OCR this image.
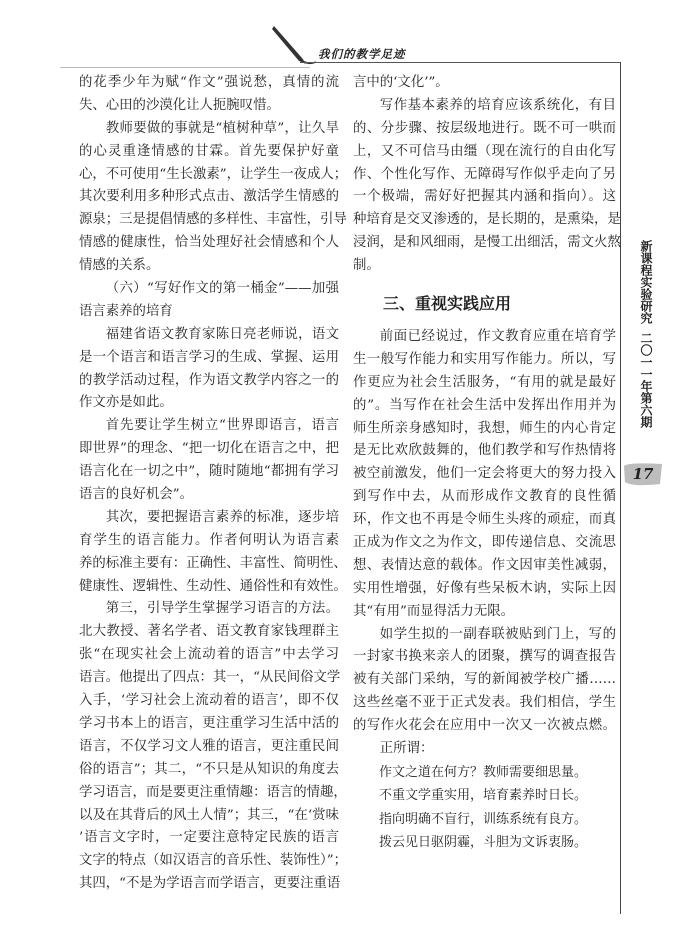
我们的教学足迹
新课程实验研究
二〇一一年第六期
17
的花季少年为赋“作文”强说愁，真情的流
失、心田的沙漠化让人扼腕叹惜。
教师要做的事就是“植树种草”，让久旱
的心灵重逢情感的甘霖。首先要保护好童
心，不可使用“生长激素”，让学生一夜成人；
其次要利用多种形式点击、激活学生情感的
源泉；三是提倡情感的多样性、丰富性，引导
情感的健康性，恰当处理好社会情感和个人
情感的关系。
（六）“写好作文的第一桶金”——加强
语言素养的培育
福建省语文教育家陈日亮老师说，语文
是一个语言和语言学习的生成、掌握、运用
的教学活动过程，作为语文教学内容之一的
作文亦是如此。
首先要让学生树立“世界即语言，语言
即世界”的理念、“把一切化在语言之中，把
语言化在一切之中”，随时随地“都拥有学习
语言的良好机会”。
其次，要把握语言素养的标准，逐步培
育学生的语言能力。作者何明认为语言素
养的标准主要有：正确性、丰富性、简明性、
健康性、逻辑性、生动性、通俗性和有效性。
第三，引导学生掌握学习语言的方法。
北大教授、著名学者、语文教育家钱理群主
张“在现实社会上流动着的语言”中去学习
语言。他提出了四点：其一，“从民间俗文学
入手，‘学习社会上流动着的语言’，即不仅
学习书本上的语言，更注重学习生活中活的
语言，不仅学习文人雅的语言，更注重民间
俗的语言”；其二，“不只是从知识的角度去
学习语言，而是要更注重情趣：语言的情趣，
以及在其背后的风土人情”；其三，“在‘赏味
’语言文字时，一定要注意特定民族的语言
文字的特点（如汉语言的音乐性、装饰性）”；
其四，“不是为学语言而学语言，更要注重语
言中的‘文化’”。
写作基本素养的培育应该系统化，有目
的、分步骤、按层级地进行。既不可一哄而
上，又不可信马由缰（现在流行的自由化写
作、个性化写作、无障碍写作似乎走向了另
一个极端，需好好把握其内涵和指向）。这
种培育是交叉渗透的，是长期的，是熏染，是
浸润，是和风细雨，是慢工出细活，需文火熬
制。
三、重视实践应用
前面已经说过，作文教育应重在培育学
生一般写作能力和实用写作能力。所以，写
作更应为社会生活服务，“有用的就是最好
的”。当写作在社会生活中发挥出作用并为
师生所亲身感知时，我想，师生的内心肯定
是无比欢欣鼓舞的，他们教学和写作热情将
被空前激发，他们一定会将更大的努力投入
到写作中去，从而形成作文教育的良性循
环，作文也不再是令师生头疼的顽症，而真
正成为作文之为作文，即传递信息、交流思
想、表情达意的载体。作文因审美性减弱，
实用性增强，好像有些呆板木讷，实际上因
其“有用”而显得活力无限。
如学生拟的一副春联被贴到门上，写的
一封家书换来亲人的团聚，撰写的调查报告
被有关部门采纳，写的新闻被学校广播……
这些丝毫不亚于正式发表。我们相信，学生
的写作火花会在应用中一次又一次被点燃。
正所谓：
作文之道在何方？教师需要细思量。
不重文学重实用，培育素养时日长。
指向明确不盲行，训练系统有良方。
拨云见日驱阴霾，斗胆为文诉衷肠。
